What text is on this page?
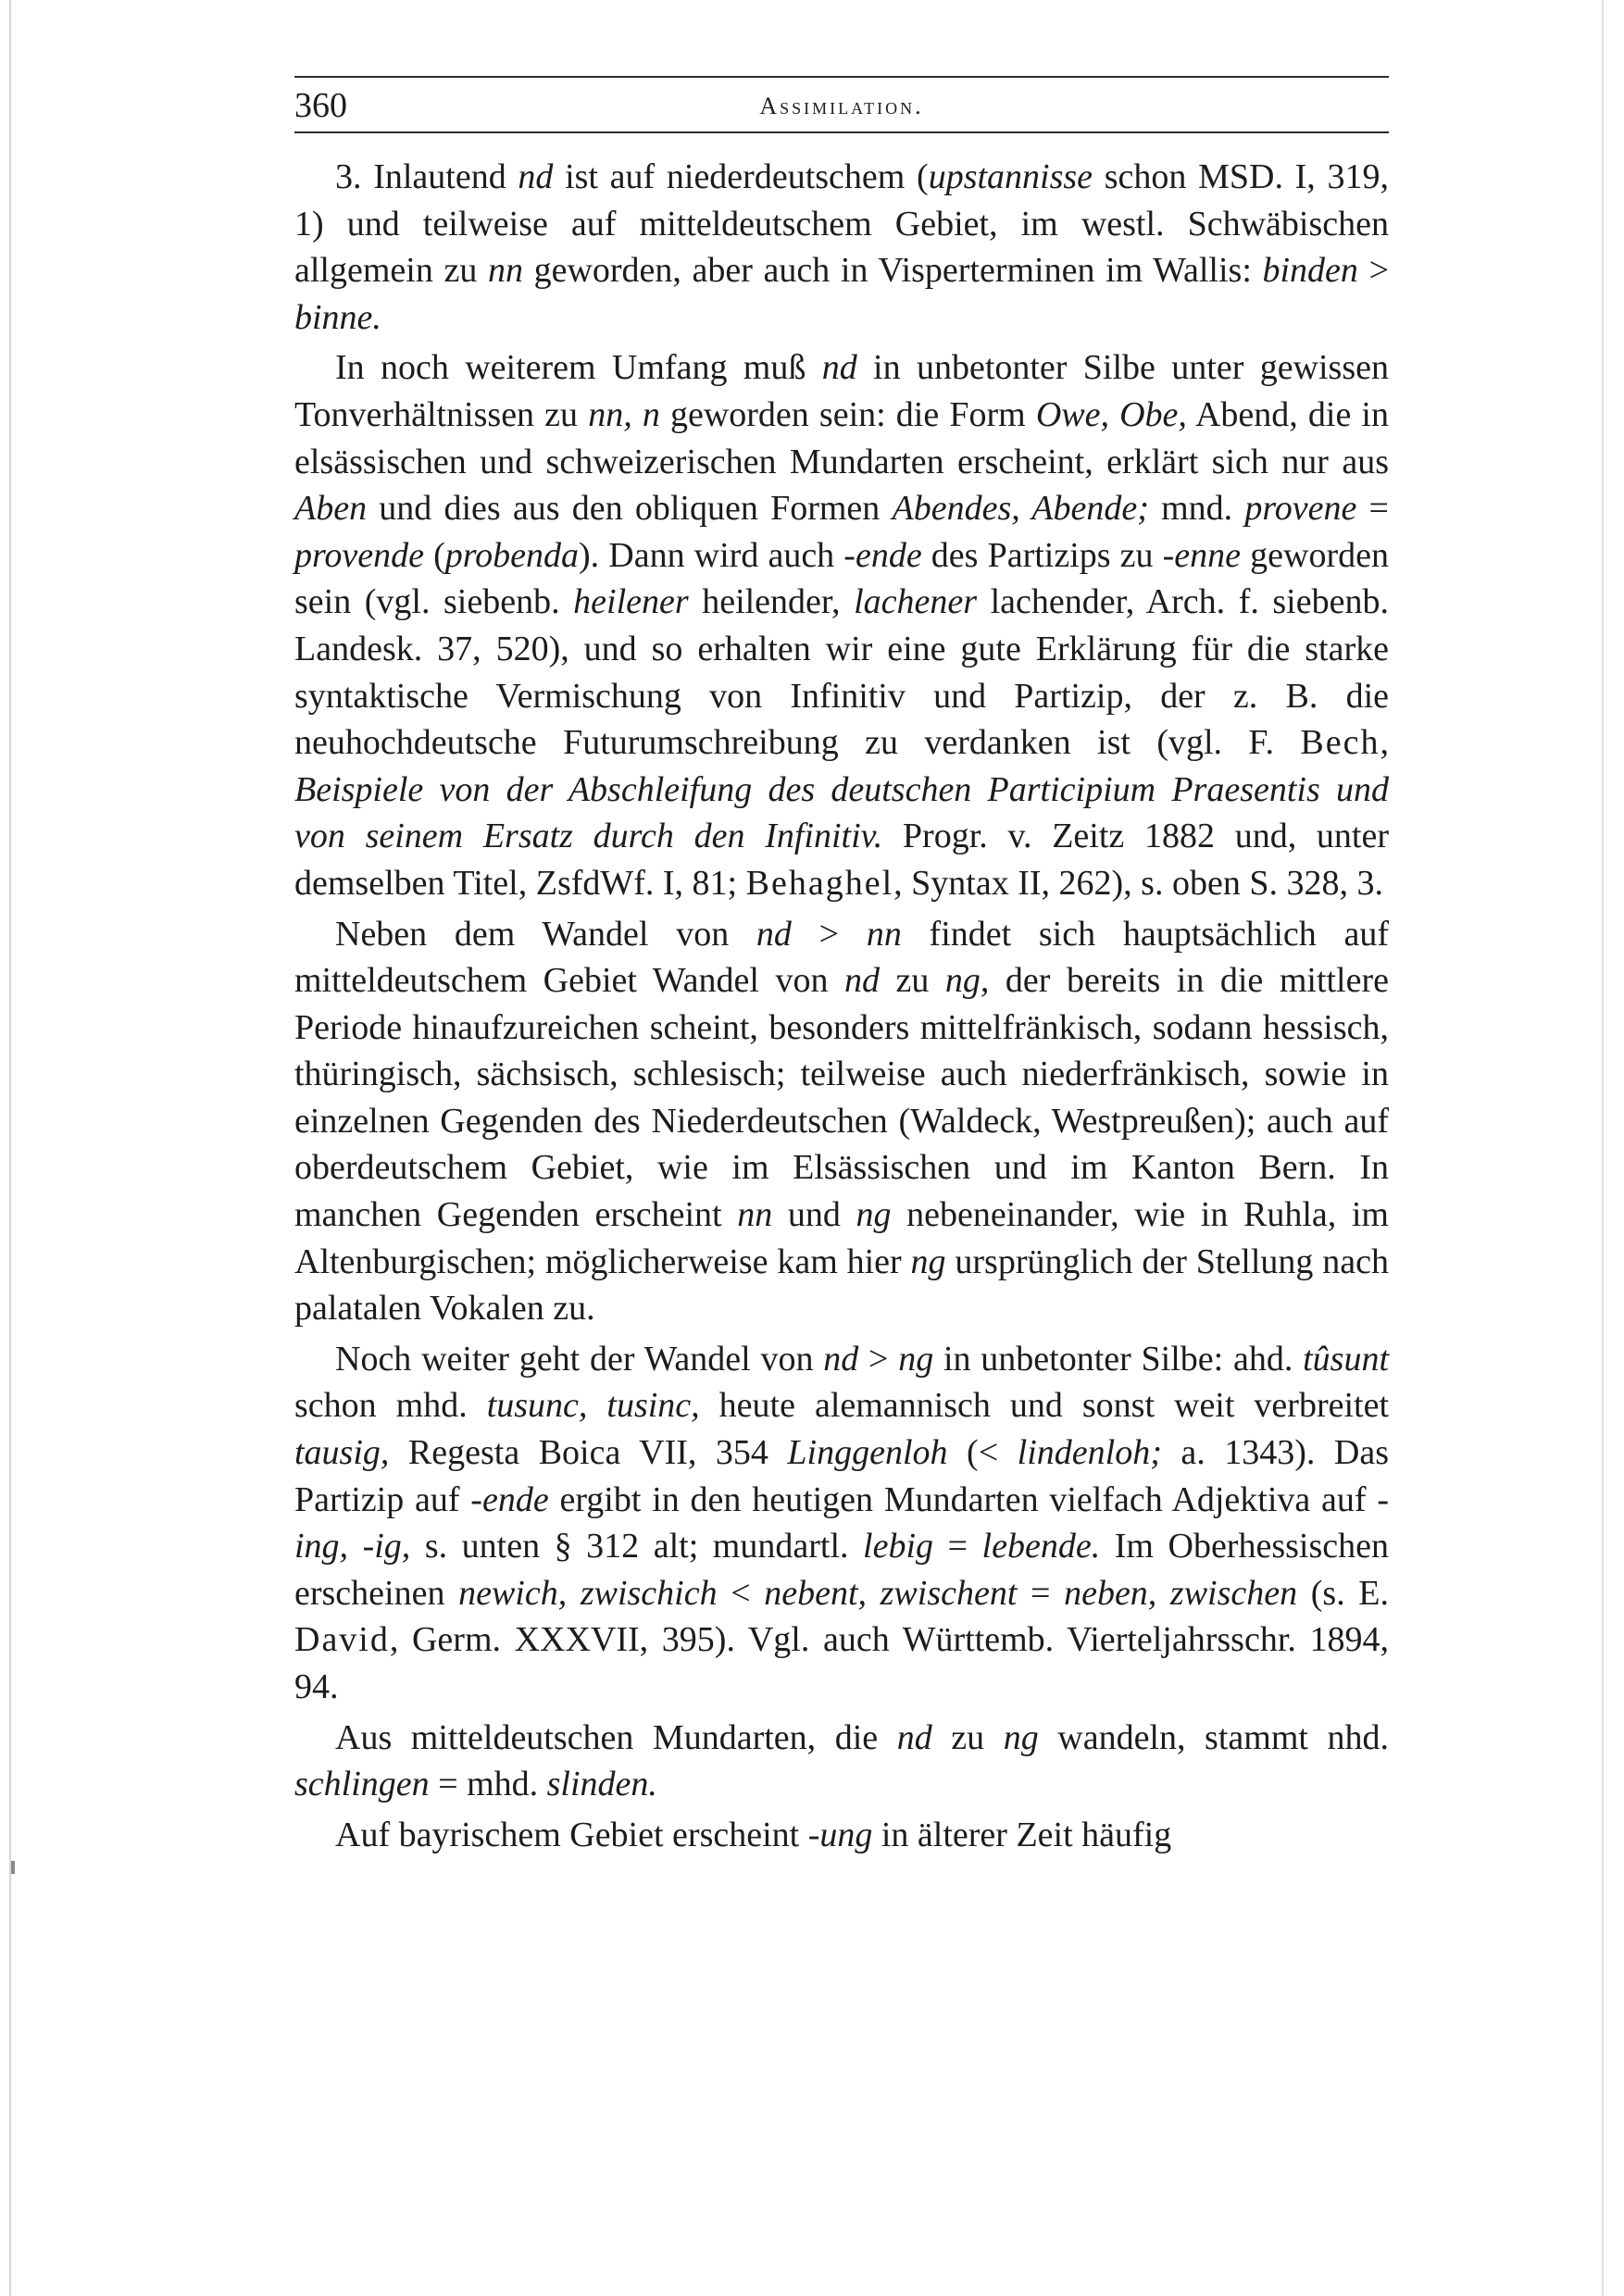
360	Assimilation.

3. Inlautend nd ist auf niederdeutschem (upstannisse schon MSD. I, 319, 1) und teilweise auf mitteldeutschem Gebiet, im westl. Schwäbischen allgemein zu nn geworden, aber auch in Visperterminen im Wallis: binden > binne.

In noch weiterem Umfang muß nd in unbetonter Silbe unter gewissen Tonverhältnissen zu nn, n geworden sein: die Form Owe, Obe, Abend, die in elsässischen und schweizerischen Mundarten erscheint, erklärt sich nur aus Aben und dies aus den obliquen Formen Abendes, Abende; mnd. provene = provende (probenda). Dann wird auch -ende des Partizips zu -enne geworden sein (vgl. siebenb. heilener heilender, lachener lachender, Arch. f. siebenb. Landesk. 37, 520), und so erhalten wir eine gute Erklärung für die starke syntaktische Vermischung von Infinitiv und Partizip, der z. B. die neuhochdeutsche Futurumschreibung zu verdanken ist (vgl. F. Bech, Beispiele von der Abschleifung des deutschen Participium Praesentis und von seinem Ersatz durch den Infinitiv. Progr. v. Zeitz 1882 und, unter demselben Titel, ZsfdWf. I, 81; Behaghel, Syntax II, 262), s. oben S. 328, 3.

Neben dem Wandel von nd > nn findet sich hauptsächlich auf mitteldeutschem Gebiet Wandel von nd zu ng, der bereits in die mittlere Periode hinaufzureichen scheint, besonders mittelfränkisch, sodann hessisch, thüringisch, sächsisch, schlesisch; teilweise auch niederfränkisch, sowie in einzelnen Gegenden des Niederdeutschen (Waldeck, Westpreußen); auch auf oberdeutschem Gebiet, wie im Elsässischen und im Kanton Bern. In manchen Gegenden erscheint nn und ng nebeneinander, wie in Ruhla, im Altenburgischen; möglicherweise kam hier ng ursprünglich der Stellung nach palatalen Vokalen zu.

Noch weiter geht der Wandel von nd > ng in unbetonter Silbe: ahd. tûsunt schon mhd. tusunc, tusinc, heute alemannisch und sonst weit verbreitet tausig, Regesta Boica VII, 354 Linggenloh (< lindenloh; a. 1343). Das Partizip auf -ende ergibt in den heutigen Mundarten vielfach Adjektiva auf -ing, -ig, s. unten § 312 alt; mundartl. lebig = lebende. Im Oberhessischen erscheinen newich, zwischich < nebent, zwischent = neben, zwischen (s. E. David, Germ. XXXVII, 395). Vgl. auch Württemb. Vierteljahrsschr. 1894, 94.

Aus mitteldeutschen Mundarten, die nd zu ng wandeln, stammt nhd. schlingen = mhd. slinden.

Auf bayrischem Gebiet erscheint -ung in älterer Zeit häufig
